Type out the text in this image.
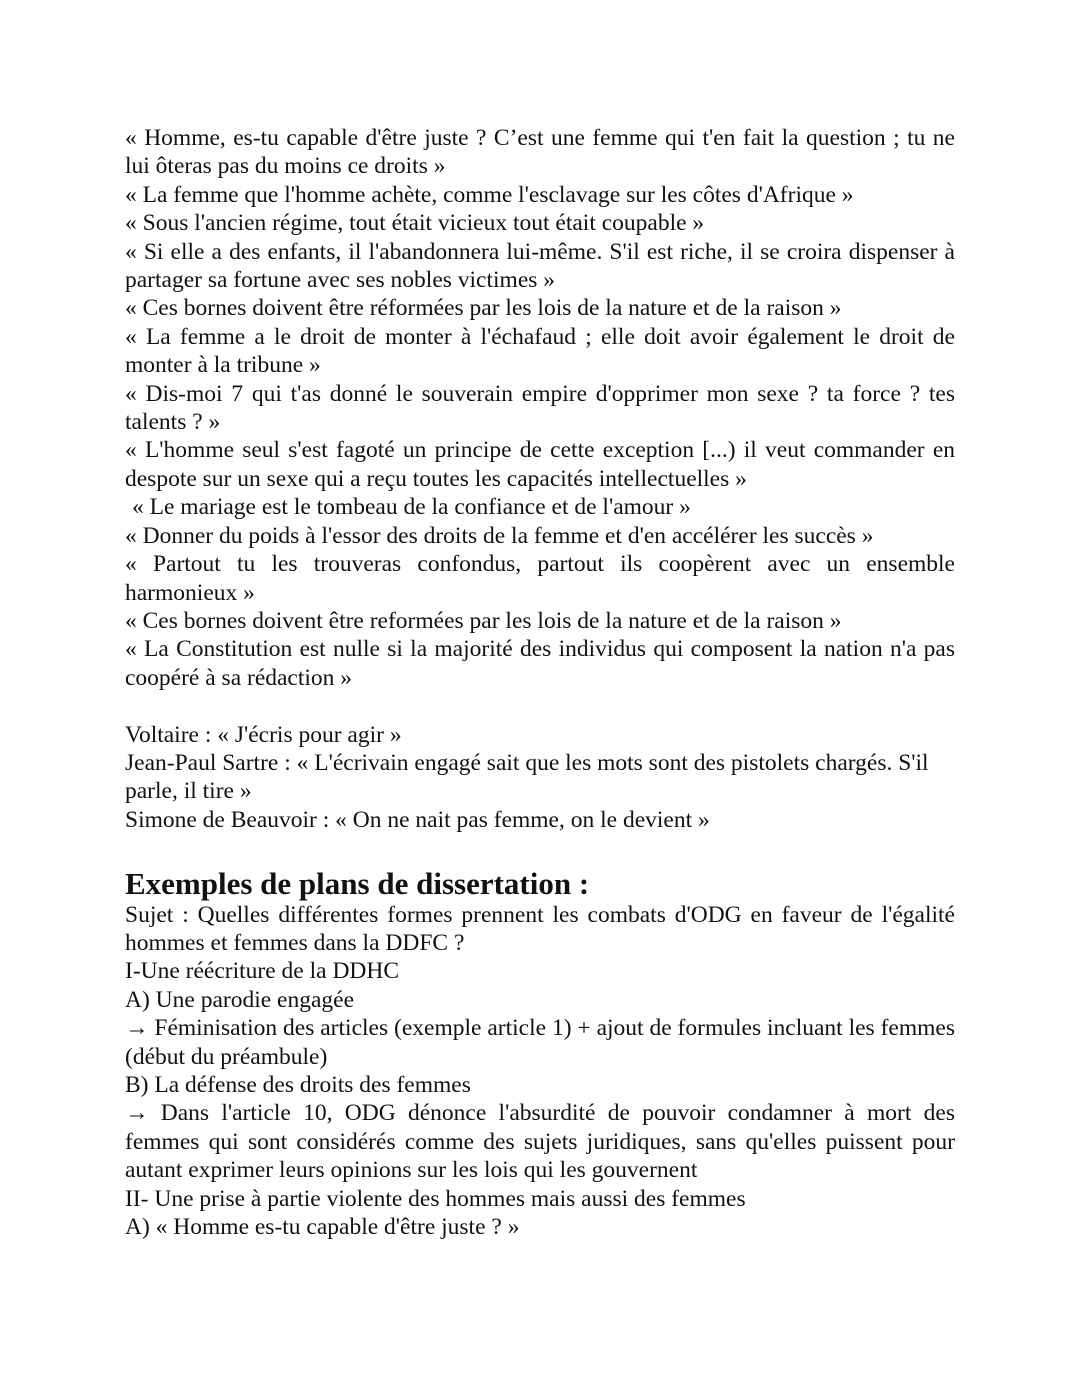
« Homme, es-tu capable d'être juste ? C’est une femme qui t'en fait la question ; tu ne lui ôteras pas du moins ce droits »

« La femme que l'homme achète, comme l'esclavage sur les côtes d'Afrique »

« Sous l'ancien régime, tout était vicieux tout était coupable »

« Si elle a des enfants, il l'abandonnera lui-même. S'il est riche, il se croira dispenser à partager sa fortune avec ses nobles victimes »

« Ces bornes doivent être réformées par les lois de la nature et de la raison »

« La femme a le droit de monter à l'échafaud ; elle doit avoir également le droit de monter à la tribune »

« Dis-moi 7 qui t'as donné le souverain empire d'opprimer mon sexe ? ta force ? tes talents ? »

« L'homme seul s'est fagoté un principe de cette exception [...) il veut commander en despote sur un sexe qui a reçu toutes les capacités intellectuelles »

« Le mariage est le tombeau de la confiance et de l'amour »

« Donner du poids à l'essor des droits de la femme et d'en accélérer les succès »

« Partout tu les trouveras confondus, partout ils coopèrent avec un ensemble harmonieux »

« Ces bornes doivent être reformées par les lois de la nature et de la raison »

« La Constitution est nulle si la majorité des individus qui composent la nation n'a pas coopéré à sa rédaction »

Voltaire : « J'écris pour agir »

Jean-Paul Sartre : « L'écrivain engagé sait que les mots sont des pistolets chargés. S'il parle, il tire »

Simone de Beauvoir : « On ne nait pas femme, on le devient »

Exemples de plans de dissertation :

Sujet : Quelles différentes formes prennent les combats d'ODG en faveur de l'égalité hommes et femmes dans la DDFC ?

I-Une réécriture de la DDHC

A) Une parodie engagée

→ Féminisation des articles (exemple article 1) + ajout de formules incluant les femmes (début du préambule)

B) La défense des droits des femmes

→ Dans l'article 10, ODG dénonce l'absurdité de pouvoir condamner à mort des femmes qui sont considérés comme des sujets juridiques, sans qu'elles puissent pour autant exprimer leurs opinions sur les lois qui les gouvernent

II- Une prise à partie violente des hommes mais aussi des femmes

A) « Homme es-tu capable d'être juste ? »
